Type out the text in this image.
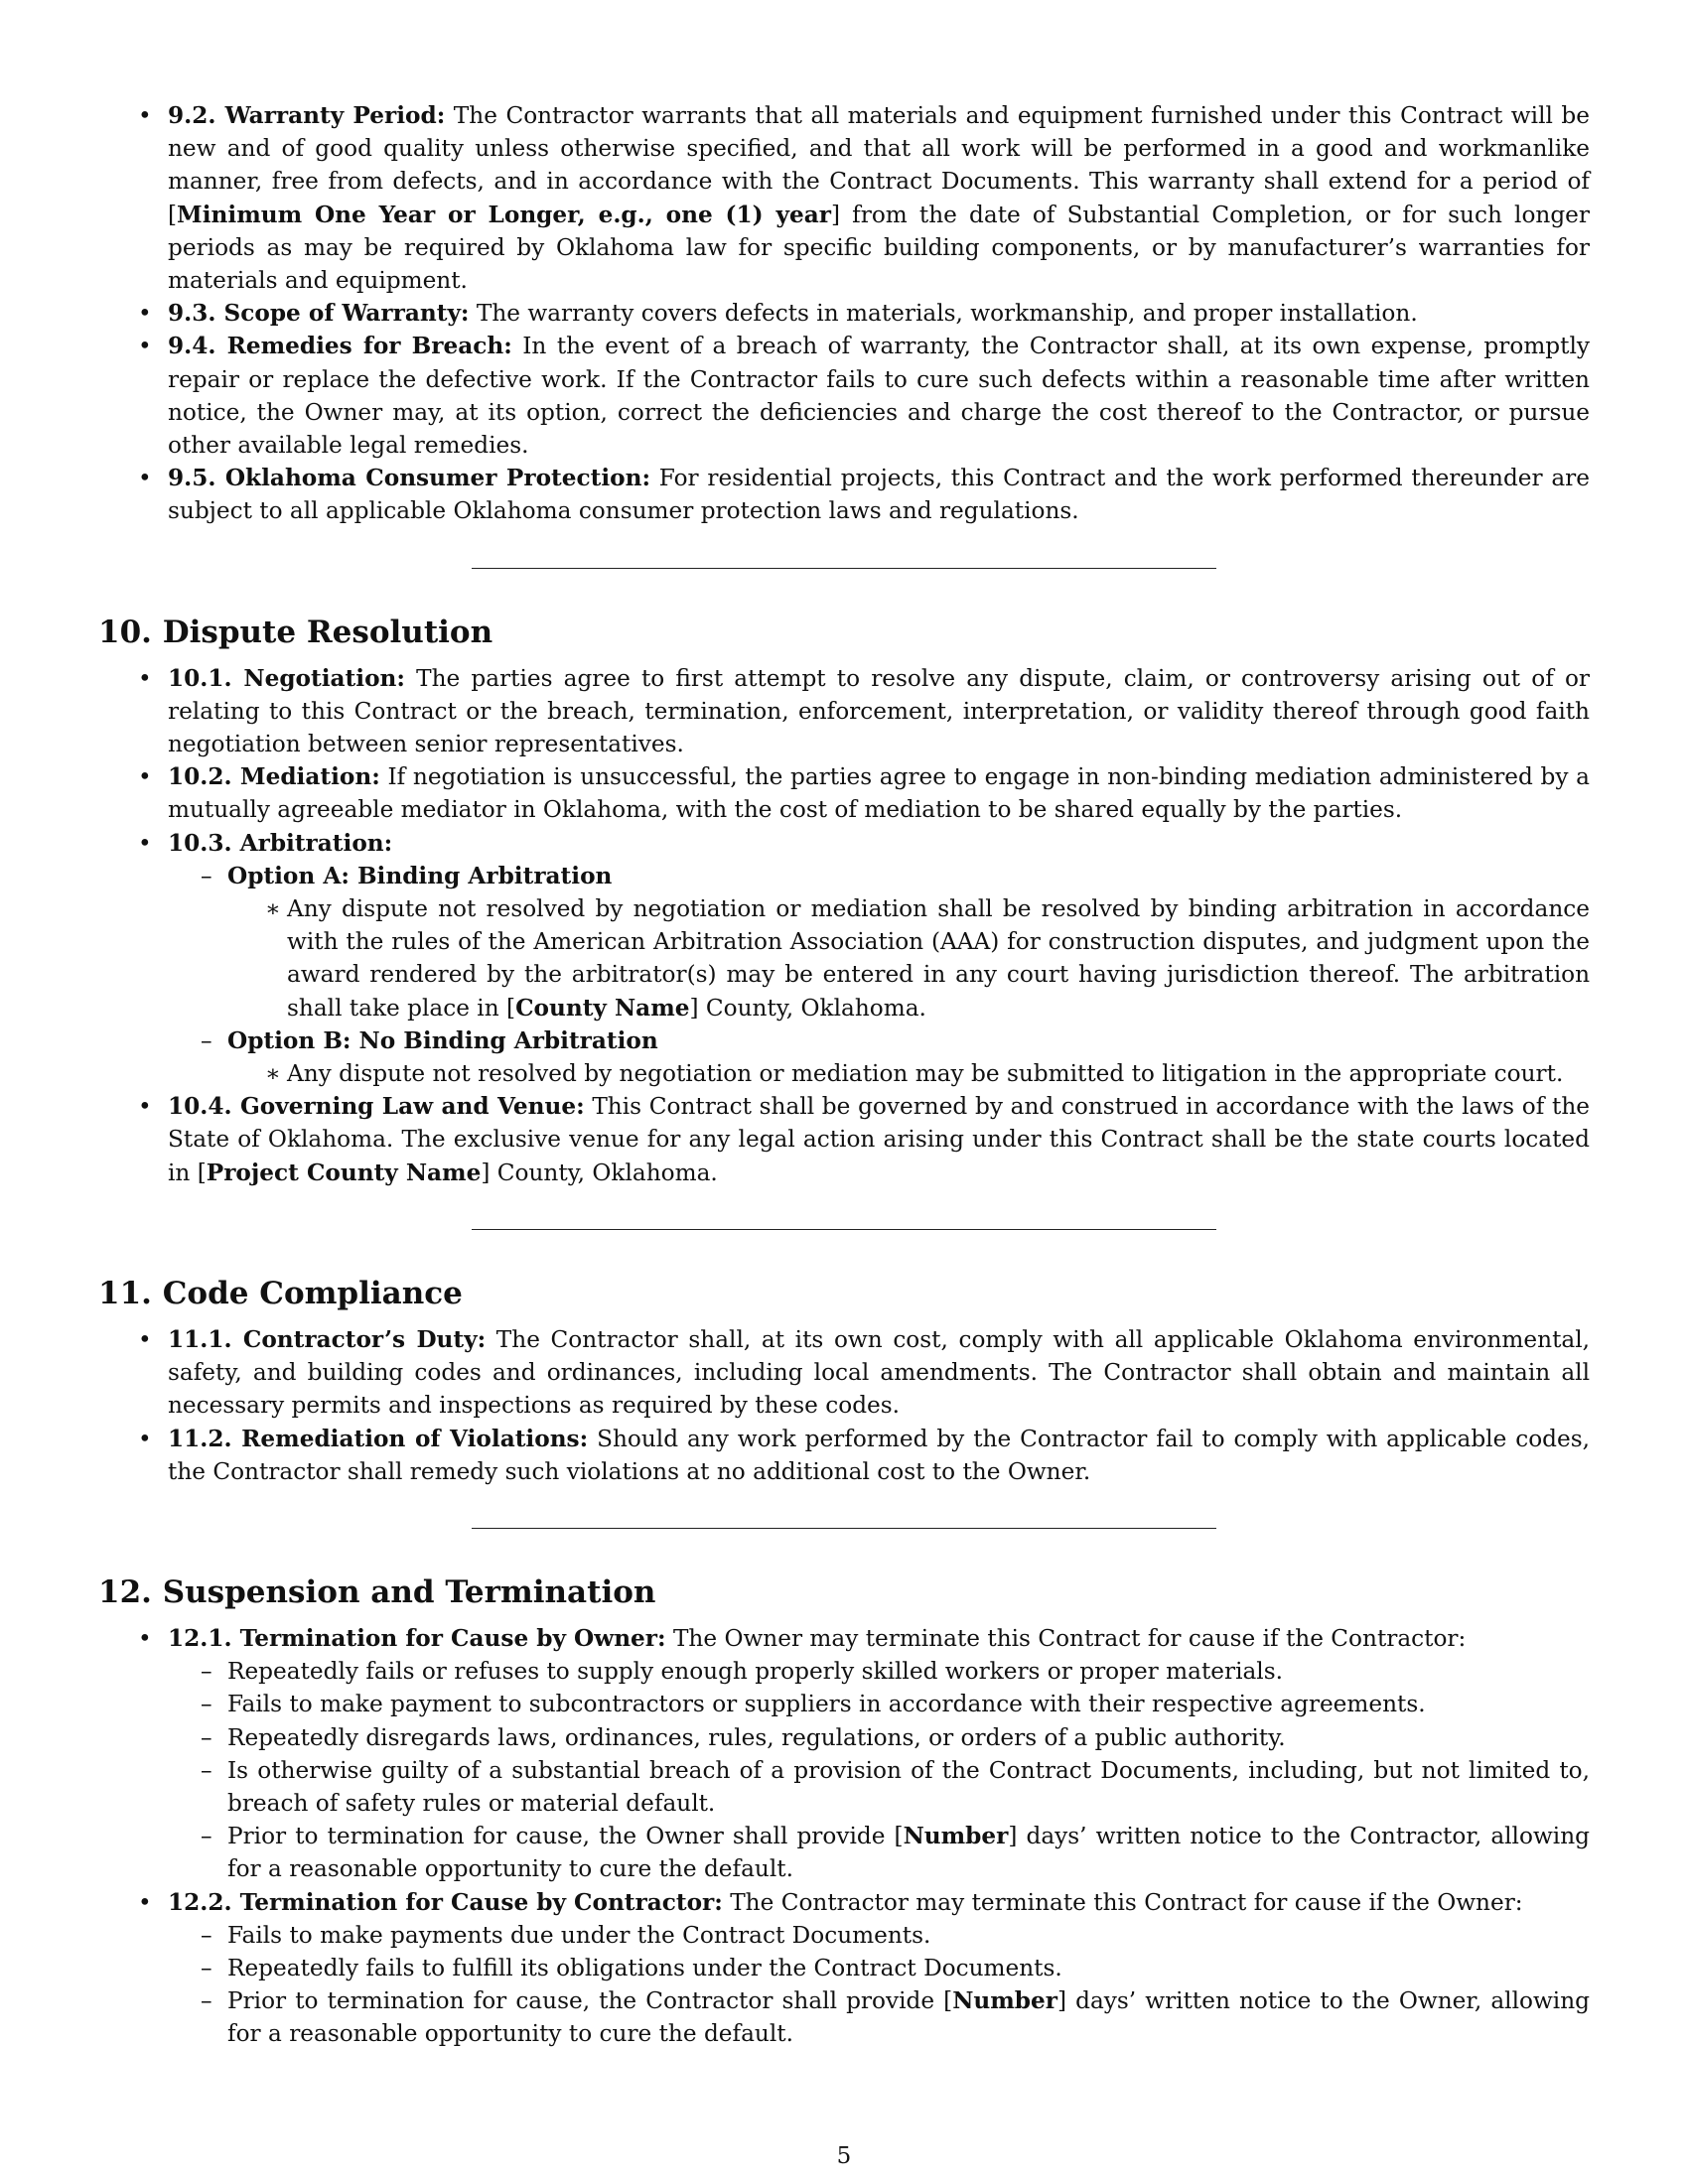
• 9.2. Warranty Period: The Contractor warrants that all materials and equipment furnished under this Contract will be new and of good quality unless otherwise specified, and that all work will be performed in a good and workmanlike manner, free from defects, and in accordance with the Contract Documents. This warranty shall extend for a period of [Minimum One Year or Longer, e.g., one (1) year] from the date of Substantial Completion, or for such longer periods as may be required by Oklahoma law for specific building components, or by manufacturer’s warranties for materials and equipment.
• 9.3. Scope of Warranty: The warranty covers defects in materials, workmanship, and proper installation.
• 9.4. Remedies for Breach: In the event of a breach of warranty, the Contractor shall, at its own expense, promptly repair or replace the defective work. If the Contractor fails to cure such defects within a reasonable time after written notice, the Owner may, at its option, correct the deficiencies and charge the cost thereof to the Contractor, or pursue other available legal remedies.
• 9.5. Oklahoma Consumer Protection: For residential projects, this Contract and the work performed thereunder are subject to all applicable Oklahoma consumer protection laws and regulations.
10. Dispute Resolution
• 10.1. Negotiation: The parties agree to first attempt to resolve any dispute, claim, or controversy arising out of or relating to this Contract or the breach, termination, enforcement, interpretation, or validity thereof through good faith negotiation between senior representatives.
• 10.2. Mediation: If negotiation is unsuccessful, the parties agree to engage in non-binding mediation administered by a mutually agreeable mediator in Oklahoma, with the cost of mediation to be shared equally by the parties.
• 10.3. Arbitration:
– Option A: Binding Arbitration
∗ Any dispute not resolved by negotiation or mediation shall be resolved by binding arbitration in accordance with the rules of the American Arbitration Association (AAA) for construction disputes, and judgment upon the award rendered by the arbitrator(s) may be entered in any court having jurisdiction thereof. The arbitration shall take place in [County Name] County, Oklahoma.
– Option B: No Binding Arbitration
∗ Any dispute not resolved by negotiation or mediation may be submitted to litigation in the appropriate court.
• 10.4. Governing Law and Venue: This Contract shall be governed by and construed in accordance with the laws of the State of Oklahoma. The exclusive venue for any legal action arising under this Contract shall be the state courts located in [Project County Name] County, Oklahoma.
11. Code Compliance
• 11.1. Contractor’s Duty: The Contractor shall, at its own cost, comply with all applicable Oklahoma environmental, safety, and building codes and ordinances, including local amendments. The Contractor shall obtain and maintain all necessary permits and inspections as required by these codes.
• 11.2. Remediation of Violations: Should any work performed by the Contractor fail to comply with applicable codes, the Contractor shall remedy such violations at no additional cost to the Owner.
12. Suspension and Termination
• 12.1. Termination for Cause by Owner: The Owner may terminate this Contract for cause if the Contractor:
– Repeatedly fails or refuses to supply enough properly skilled workers or proper materials.
– Fails to make payment to subcontractors or suppliers in accordance with their respective agreements.
– Repeatedly disregards laws, ordinances, rules, regulations, or orders of a public authority.
– Is otherwise guilty of a substantial breach of a provision of the Contract Documents, including, but not limited to, breach of safety rules or material default.
– Prior to termination for cause, the Owner shall provide [Number] days’ written notice to the Contractor, allowing for a reasonable opportunity to cure the default.
• 12.2. Termination for Cause by Contractor: The Contractor may terminate this Contract for cause if the Owner:
– Fails to make payments due under the Contract Documents.
– Repeatedly fails to fulfill its obligations under the Contract Documents.
– Prior to termination for cause, the Contractor shall provide [Number] days’ written notice to the Owner, allowing for a reasonable opportunity to cure the default.
5
